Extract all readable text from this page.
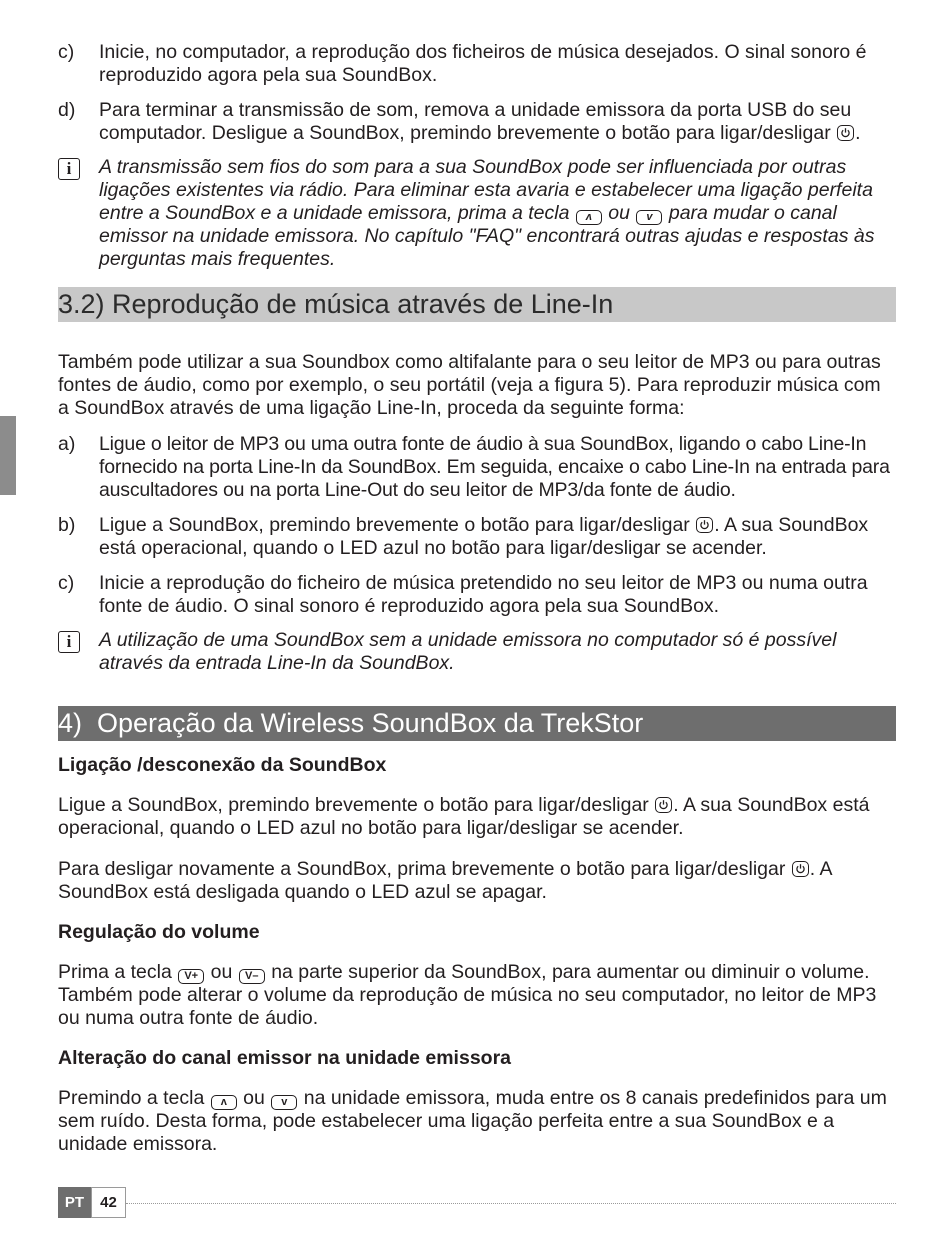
c) Inicie, no computador, a reprodução dos ficheiros de música desejados. O sinal sonoro é reproduzido agora pela sua SoundBox.
d) Para terminar a transmissão de som, remova a unidade emissora da porta USB do seu computador. Desligue a SoundBox, premindo brevemente o botão para ligar/desligar .
i	A transmissão sem fios do som para a sua SoundBox pode ser influenciada por outras ligações existentes via rádio. Para eliminar esta avaria e estabelecer uma ligação perfeita entre a SoundBox e a unidade emissora, prima a tecla ʌ ou v para mudar o canal emissor na unidade emissora. No capítulo "FAQ" encontrará outras ajudas e respostas às perguntas mais frequentes.
3.2) Reprodução de música através de Line-In
Também pode utilizar a sua Soundbox como altifalante para o seu leitor de MP3 ou para outras fontes de áudio, como por exemplo, o seu portátil (veja a figura 5). Para reproduzir música com a SoundBox através de uma ligação Line-In, proceda da seguinte forma:
a) Ligue o leitor de MP3 ou uma outra fonte de áudio à sua SoundBox, ligando o cabo Line-In fornecido na porta Line-In da SoundBox. Em seguida, encaixe o cabo Line-In na entrada para auscultadores ou na porta Line-Out do seu leitor de MP3/da fonte de áudio.
b) Ligue a SoundBox, premindo brevemente o botão para ligar/desligar . A sua SoundBox está operacional, quando o LED azul no botão para ligar/desligar se acender.
c) Inicie a reprodução do ficheiro de música pretendido no seu leitor de MP3 ou numa outra fonte de áudio. O sinal sonoro é reproduzido agora pela sua SoundBox.
i	A utilização de uma SoundBox sem a unidade emissora no computador só é possível através da entrada Line-In da SoundBox.
4)  Operação da Wireless SoundBox da TrekStor
Ligação /desconexão da SoundBox
Ligue a SoundBox, premindo brevemente o botão para ligar/desligar . A sua SoundBox está operacional, quando o LED azul no botão para ligar/desligar se acender.
Para desligar novamente a SoundBox, prima brevemente o botão para ligar/desligar . A SoundBox está desligada quando o LED azul se apagar.
Regulação do volume
Prima a tecla V+ ou V– na parte superior da SoundBox, para aumentar ou diminuir o volume. Também pode alterar o volume da reprodução de música no seu computador, no leitor de MP3 ou numa outra fonte de áudio.
Alteração do canal emissor na unidade emissora
Premindo a tecla ʌ ou v na unidade emissora, muda entre os 8 canais predefinidos para um sem ruído. Desta forma, pode estabelecer uma ligação perfeita entre a sua SoundBox e a unidade emissora.
PT	42
